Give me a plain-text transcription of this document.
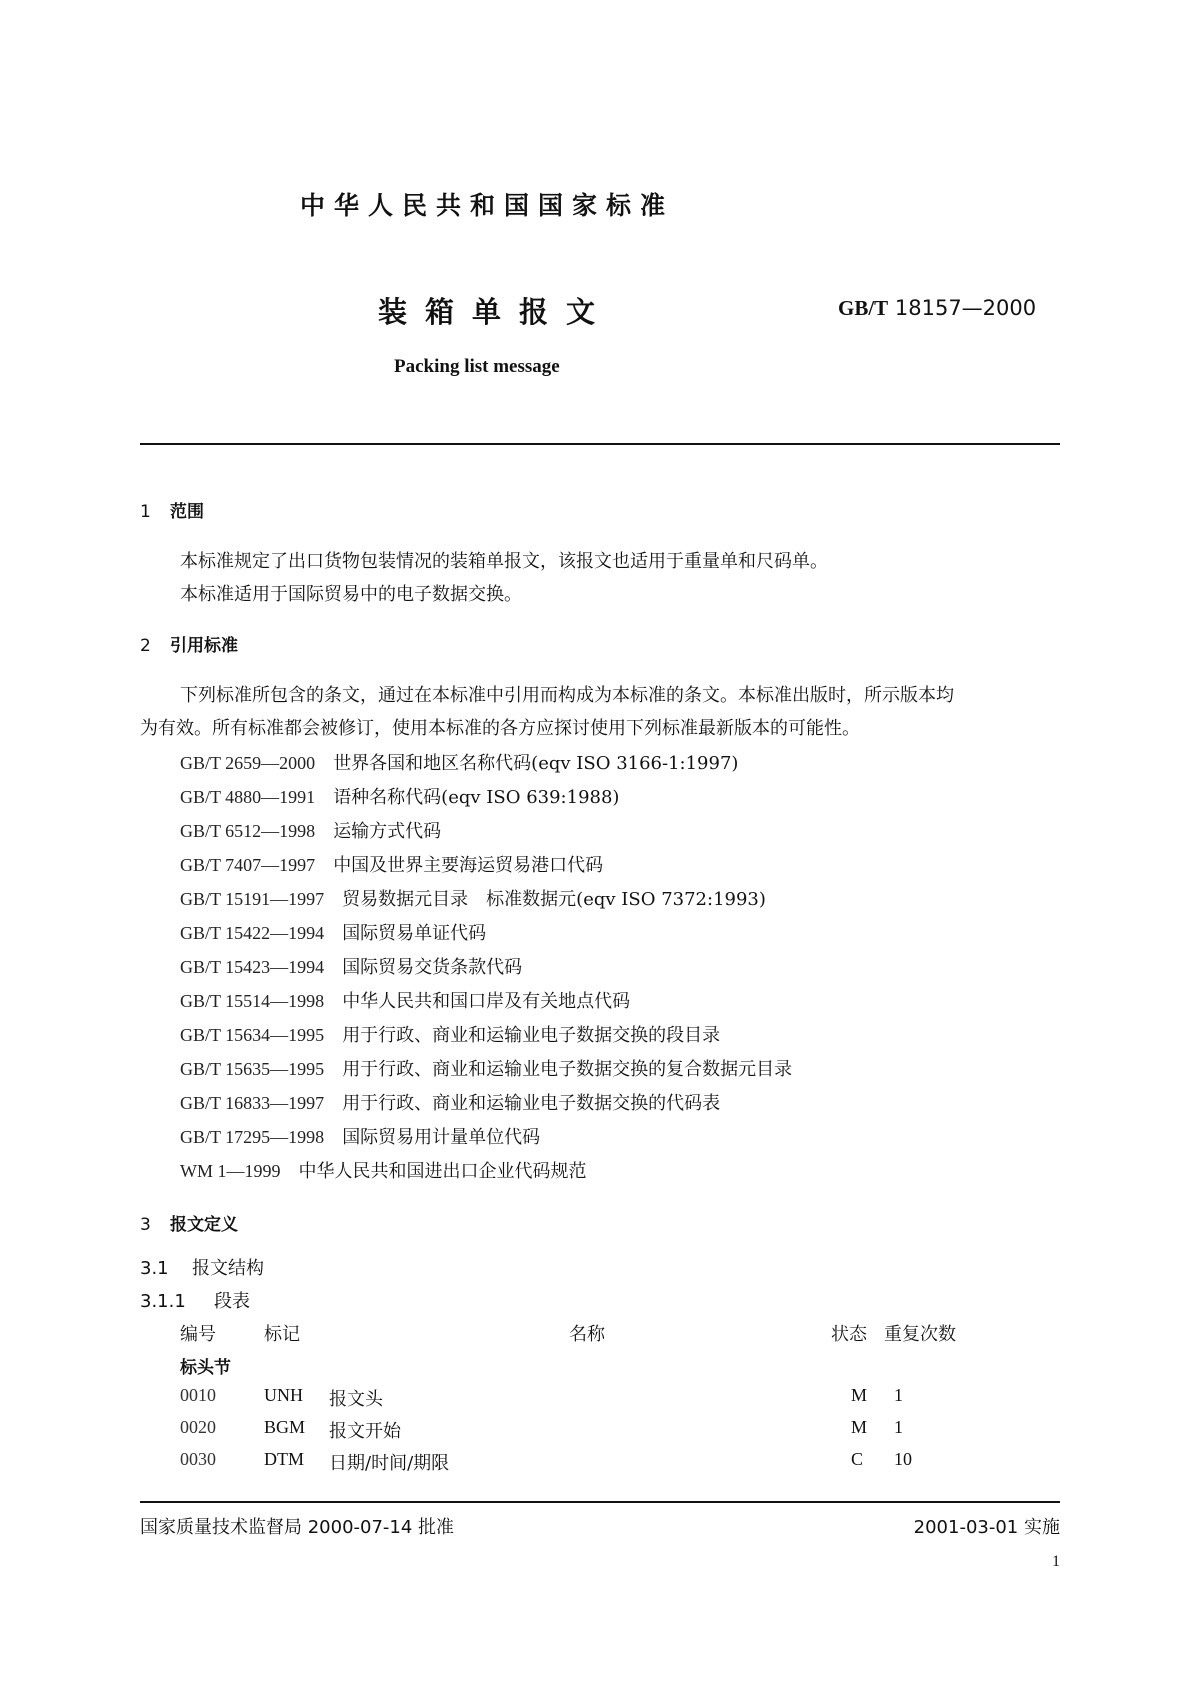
中华人民共和国国家标准
装箱单报文	GB/T 18157—2000
Packing list message
1 范围
本标准规定了出口货物包装情况的装箱单报文，该报文也适用于重量单和尺码单。
本标准适用于国际贸易中的电子数据交换。
2 引用标准
下列标准所包含的条文，通过在本标准中引用而构成为本标准的条文。本标准出版时，所示版本均
为有效。所有标准都会被修订，使用本标准的各方应探讨使用下列标准最新版本的可能性。
GB/T 2659—2000 世界各国和地区名称代码(eqv ISO 3166-1:1997)
GB/T 4880—1991 语种名称代码(eqv ISO 639:1988)
GB/T 6512—1998 运输方式代码
GB/T 7407—1997 中国及世界主要海运贸易港口代码
GB/T 15191—1997 贸易数据元目录　标准数据元(eqv ISO 7372:1993)
GB/T 15422—1994 国际贸易单证代码
GB/T 15423—1994 国际贸易交货条款代码
GB/T 15514—1998 中华人民共和国口岸及有关地点代码
GB/T 15634—1995 用于行政、商业和运输业电子数据交换的段目录
GB/T 15635—1995 用于行政、商业和运输业电子数据交换的复合数据元目录
GB/T 16833—1997 用于行政、商业和运输业电子数据交换的代码表
GB/T 17295—1998 国际贸易用计量单位代码
WM 1—1999 中华人民共和国进出口企业代码规范
3 报文定义
3.1 报文结构
3.1.1 段表
编号	标记	名称	状态 重复次数
标头节
0010	UNH 报文头	M 1
0020	BGM 报文开始	M 1
0030	DTM 日期/时间/期限	C 10
国家质量技术监督局 2000-07-14 批准	2001-03-01 实施
1
